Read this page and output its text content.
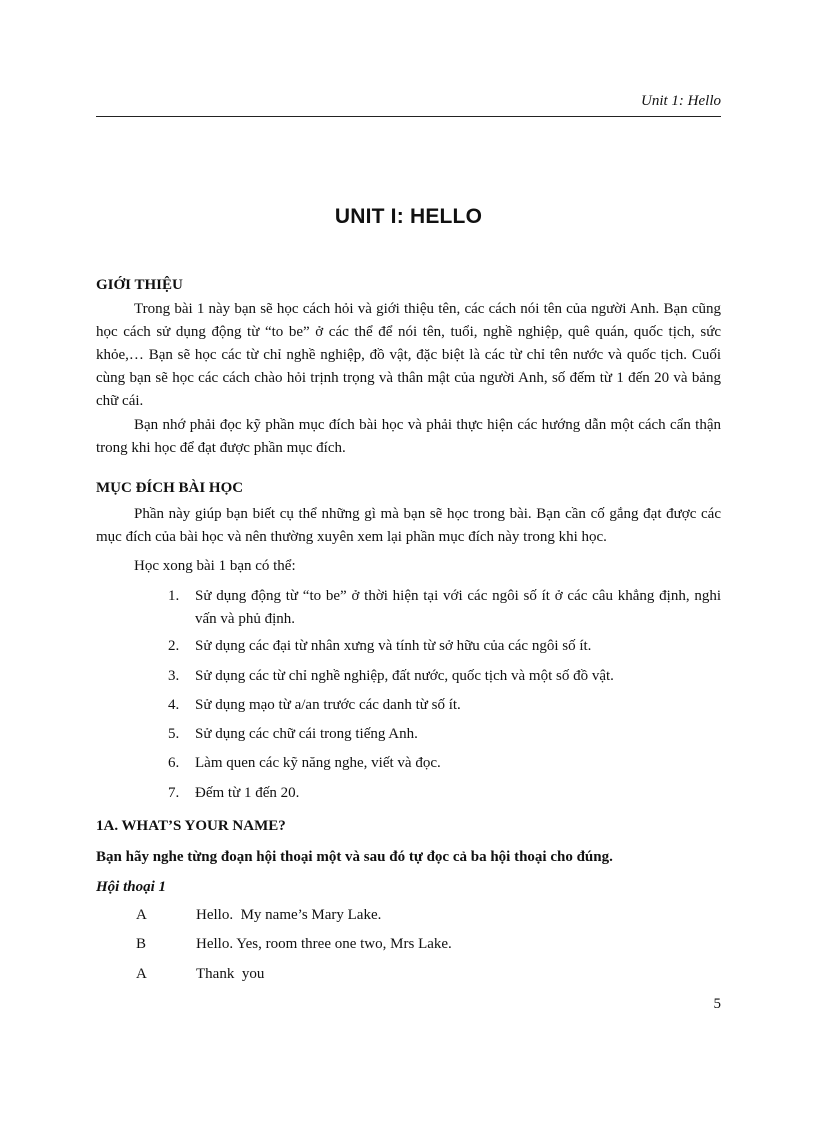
Unit 1: Hello
UNIT I: HELLO
GIỚI THIỆU

Trong bài 1 này bạn sẽ học cách hỏi và giới thiệu tên, các cách nói tên của người Anh. Bạn cũng học cách sử dụng động từ “to be” ở các thể để nói tên, tuổi, nghề nghiệp, quê quán, quốc tịch, sức khỏe,… Bạn sẽ học các từ chỉ nghề nghiệp, đồ vật, đặc biệt là các từ chỉ tên nước và quốc tịch. Cuối cùng bạn sẽ học các cách chào hỏi trịnh trọng và thân mật của người Anh, số đếm từ 1 đến 20 và bảng chữ cái.

Bạn nhớ phải đọc kỹ phần mục đích bài học và phải thực hiện các hướng dẫn một cách cẩn thận trong khi học để đạt được phần mục đích.

MỤC ĐÍCH BÀI HỌC

Phần này giúp bạn biết cụ thể những gì mà bạn sẽ học trong bài. Bạn cần cố gắng đạt được các mục đích của bài học và nên thường xuyên xem lại phần mục đích này trong khi học.

Học xong bài 1 bạn có thể:

1.	Sử dụng động từ “to be” ở thời hiện tại với các ngôi số ít ở các câu khẳng định, nghi vấn và phủ định.
2.	Sử dụng các đại từ nhân xưng và tính từ sở hữu của các ngôi số ít.
3.	Sử dụng các từ chỉ nghề nghiệp, đất nước, quốc tịch và một số đồ vật.
4.	Sử dụng mạo từ a/an trước các danh từ số ít.
5.	Sử dụng các chữ cái trong tiếng Anh.
6.	Làm quen các kỹ năng nghe, viết và đọc.
7.	Đếm từ 1 đến 20.
1A. WHAT’S YOUR NAME?
Bạn hãy nghe từng đoạn hội thoại một và sau đó tự đọc cả ba hội thoại cho đúng.
Hội thoại 1
A	Hello.  My name’s Mary Lake.
B	Hello. Yes, room three one two, Mrs Lake.
A	Thank  you
5
